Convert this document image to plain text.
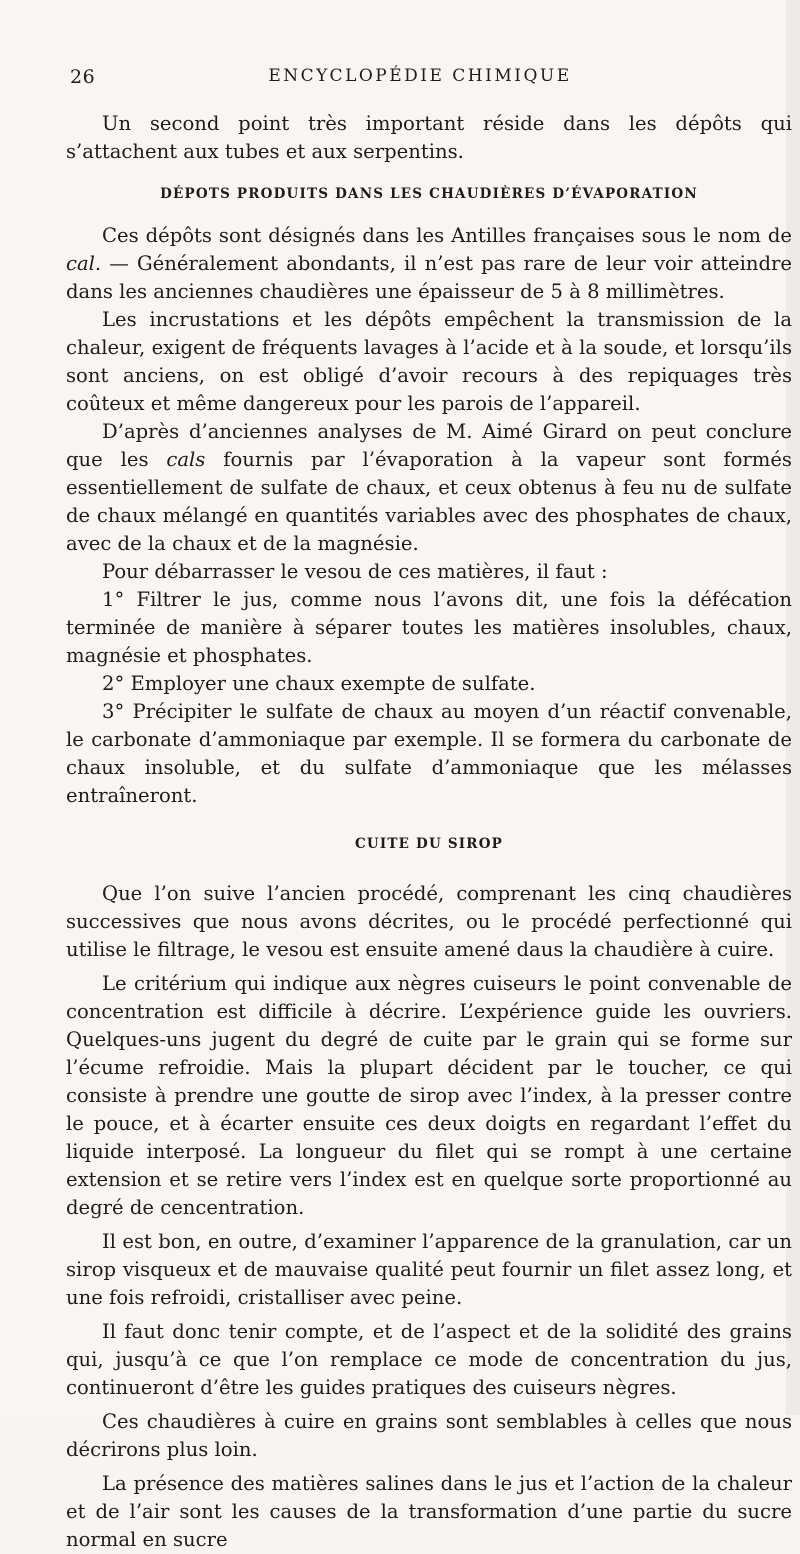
26	ENCYCLOPÉDIE CHIMIQUE

Un second point très important réside dans les dépôts qui s’attachent aux tubes et aux serpentins.

DÉPOTS PRODUITS DANS LES CHAUDIÈRES D’ÉVAPORATION

Ces dépôts sont désignés dans les Antilles françaises sous le nom de cal. — Généralement abondants, il n’est pas rare de leur voir atteindre dans les anciennes chaudières une épaisseur de 5 à 8 millimètres.

Les incrustations et les dépôts empêchent la transmission de la chaleur, exigent de fréquents lavages à l’acide et à la soude, et lorsqu’ils sont anciens, on est obligé d’avoir recours à des repiquages très coûteux et même dangereux pour les parois de l’appareil.

D’après d’anciennes analyses de M. Aimé Girard on peut conclure que les cals fournis par l’évaporation à la vapeur sont formés essentiellement de sulfate de chaux, et ceux obtenus à feu nu de sulfate de chaux mélangé en quantités variables avec des phosphates de chaux, avec de la chaux et de la magnésie.

Pour débarrasser le vesou de ces matières, il faut :

1° Filtrer le jus, comme nous l’avons dit, une fois la défécation terminée de manière à séparer toutes les matières insolubles, chaux, magnésie et phosphates.

2° Employer une chaux exempte de sulfate.

3° Précipiter le sulfate de chaux au moyen d’un réactif convenable, le carbonate d’ammoniaque par exemple. Il se formera du carbonate de chaux insoluble, et du sulfate d’ammoniaque que les mélasses entraîneront.

CUITE DU SIROP

Que l’on suive l’ancien procédé, comprenant les cinq chaudières successives que nous avons décrites, ou le procédé perfectionné qui utilise le filtrage, le vesou est ensuite amené daus la chaudière à cuire.

Le critérium qui indique aux nègres cuiseurs le point convenable de concentration est difficile à décrire. L’expérience guide les ouvriers. Quelques-uns jugent du degré de cuite par le grain qui se forme sur l’écume refroidie. Mais la plupart décident par le toucher, ce qui consiste à prendre une goutte de sirop avec l’index, à la presser contre le pouce, et à écarter ensuite ces deux doigts en regardant l’effet du liquide interposé. La longueur du filet qui se rompt à une certaine extension et se retire vers l’index est en quelque sorte proportionné au degré de cencentration.

Il est bon, en outre, d’examiner l’apparence de la granulation, car un sirop visqueux et de mauvaise qualité peut fournir un filet assez long, et une fois refroidi, cristalliser avec peine.

Il faut donc tenir compte, et de l’aspect et de la solidité des grains qui, jusqu’à ce que l’on remplace ce mode de concentration du jus, continueront d’être les guides pratiques des cuiseurs nègres.

Ces chaudières à cuire en grains sont semblables à celles que nous décrirons plus loin.

La présence des matières salines dans le jus et l’action de la chaleur et de l’air sont les causes de la transformation d’une partie du sucre normal en sucre
